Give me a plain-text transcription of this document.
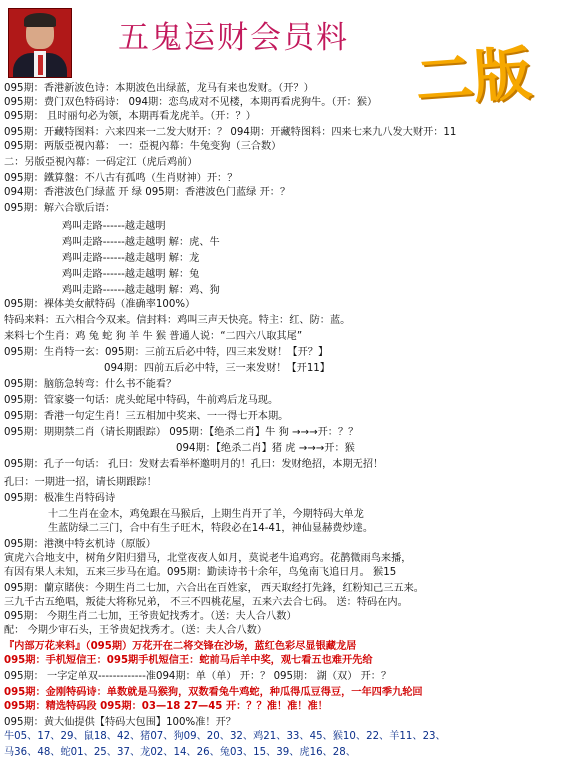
五鬼运财会员料
二版
095期：香港新波色诗：本期波色出绿蓝，龙马有来也发财。（开？）
095期：费门双色特码诗： 094期：恋鸟成对不见楼，本期再看虎狗牛。（开：猴）
095期： 且时丽句必为领，本期再看龙虎羊。（开：？）
095期：开藏特图料：六来四来一二发大财开：？ 094期：开藏特图料：四来七来九八发大财开：11
095期：两版亞視內幕： 一：亞視內幕：牛兔变狗（三合数）
二：另版亞視內幕：一码定江（虎后鸡前）
095期：鐵算盤：不八古有孤鸣（生肖财神）开：？
094期：香港波色门绿蓝 开 绿 095期：香港波色门蓝绿 开：？
095期：解六合歇后语：
鸡叫走路------越走越明
鸡叫走路------越走越明 解：虎、牛
鸡叫走路------越走越明 解：龙
鸡叫走路------越走越明 解：兔
鸡叫走路------越走越明 解：鸡、狗
095期：裸体美女献特码（准确率100%）
特码来料：五六相合今双来。信封料：鸡叫三声天快亮。特主：红、防：蓝。
来料七个生肖：鸡 兔 蛇 狗 羊 牛 猴 普通人说：“二四六八取其尾”
095期：生肖特一玄：095期：三前五后必中特，四三来发财！【开？】
094期：四前五后必中特，三一来发财！【开11】
095期：脑筋急转弯：什么书不能看？
095期：管家婆一句话：虎头蛇尾中特码，牛前鸡后龙马现。
095期：香港一句定生肖！三五相加中奖来、一一得七开本期。
095期：期期禁二肖（请长期跟踪） 095期：【绝杀二肖】牛 狗 →→→开：？？
094期：【绝杀二肖】猪 虎 →→→开：猴
095期：孔子一句话： 孔曰：发财去看举杯邀明月的！孔曰：发财绝招，本期无招！
孔曰：一期进一招，请长期跟踪！
095期：极准生肖特码诗
十二生肖在金木，鸡兔跟在马猴后，上期生肖开了羊，今期特码大单龙
生蓝防绿二三门，合中有生子旺木，特段必在14-41，神仙显赫费炒達。
095期：港澳中特玄机诗（原版）
寅虎六合地支中，树角夕阳归猎马，北堂夜夜人如月，莫说老牛追鸡窍。花鹊微雨鸟来播，
有因有果人未知，五来三步马在追。095期：勤读诗书十余年，鸟兔南飞追日月。 猴15
095期：蘭京賭侠：今期生肖二七加，六合出在百姓家， 西天取经打先鋒，红粉知己三五来。
三九千古五绝唱，叛徒大将称兄弟， 不三不四桃花屋，五来六去合七码。 送：特码在内。
095期： 今期生肖二七加，王爷贵妃找秀才。（送：夫人合八数）
配： 今期少审石头，王爷贵妃找秀才。（送：夫人合八数）
『内部万花来料』（095期）万花开在二将交锋在沙场，蓝红色彩尽显银藏龙居
095期：手机短信王：095期手机短信王：蛇前马后羊中奖，观七看五也难开先给
095期： 一字定单双-------------准094期：单（单） 开：？ 095期： 湖（双） 开：？
095期：金刚特码诗：单数就是马猴狗，双数看兔牛鸡蛇，种瓜得瓜豆得豆，一年四季九轮回
095期：精选特码段 095期：03—18 27—45 开：？？准！准！准！
095期：黄大仙提供【特码大包围】100%准！开？
牛05、17、29、鼠18、42、猪07、狗09、20、32、鸡21、33、45、猴10、22、羊11、23、
马36、48、蛇01、25、37、龙02、14、26、兔03、15、39、虎16、28、
